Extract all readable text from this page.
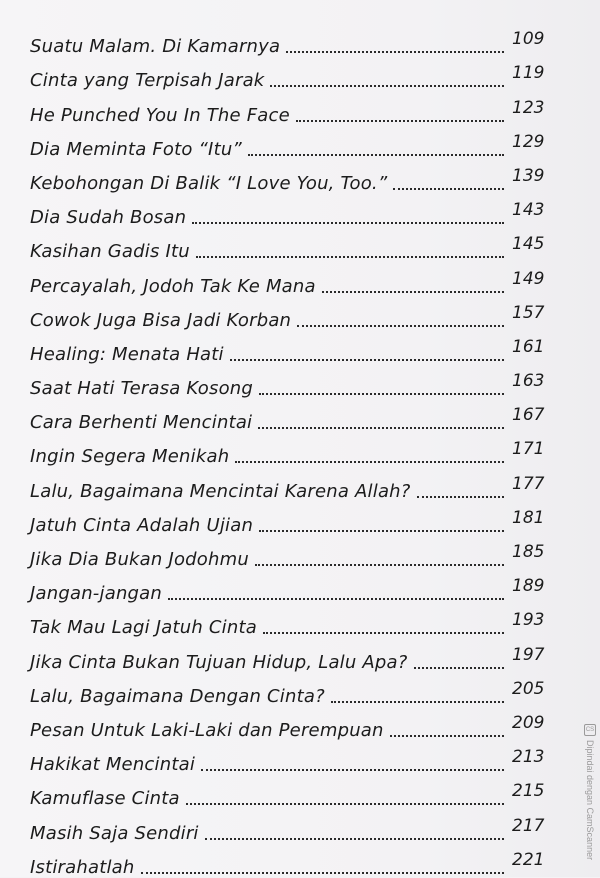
Suatu Malam. Di Kamarnya	109
Cinta yang Terpisah Jarak	119
He Punched You In The Face	123
Dia Meminta Foto “Itu”	129
Kebohongan Di Balik “I Love You, Too.”	139
Dia Sudah Bosan	143
Kasihan Gadis Itu	145
Percayalah, Jodoh Tak Ke Mana	149
Cowok Juga Bisa Jadi Korban	157
Healing: Menata Hati	161
Saat Hati Terasa Kosong	163
Cara Berhenti Mencintai	167
Ingin Segera Menikah	171
Lalu, Bagaimana Mencintai Karena Allah?	177
Jatuh Cinta Adalah Ujian	181
Jika Dia Bukan Jodohmu	185
Jangan-jangan	189
Tak Mau Lagi Jatuh Cinta	193
Jika Cinta Bukan Tujuan Hidup, Lalu Apa?	197
Lalu, Bagaimana Dengan Cinta?	205
Pesan Untuk Laki-Laki dan Perempuan	209
Hakikat Mencintai	213
Kamuflase Cinta	215
Masih Saja Sendiri	217
Istirahatlah	221
CS
Dipindai dengan CamScanner
